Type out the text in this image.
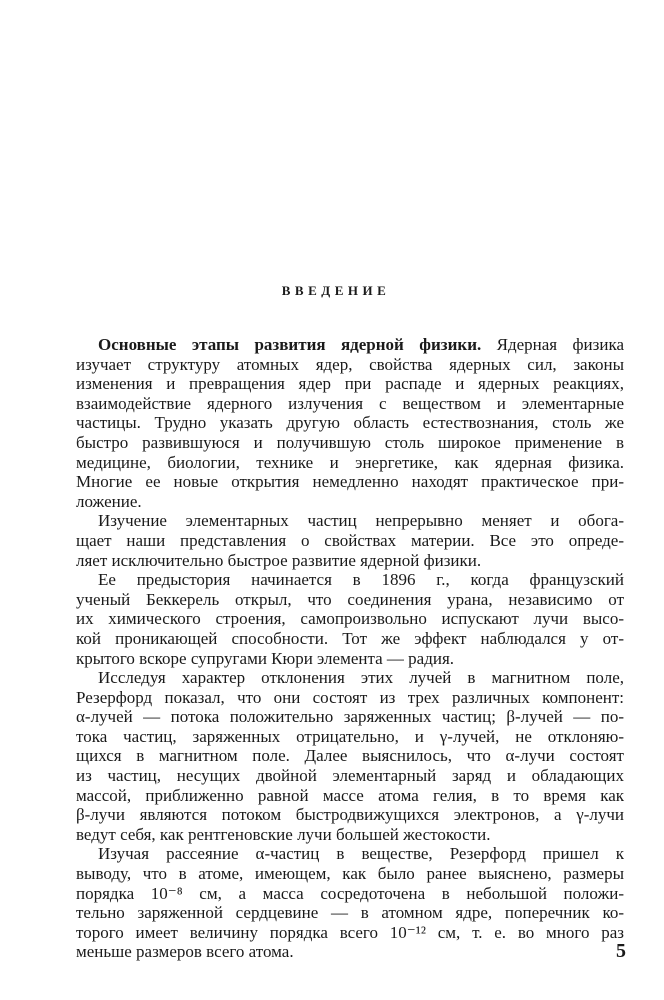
ВВЕДЕНИЕ
Основные этапы развития ядерной физики. Ядерная физика
изучает структуру атомных ядер, свойства ядерных сил, законы
изменения и превращения ядер при распаде и ядерных реакциях,
взаимодействие ядерного излучения с веществом и элементарные
частицы. Трудно указать другую область естествознания, столь же
быстро развившуюся и получившую столь широкое применение в
медицине, биологии, технике и энергетике, как ядерная физика.
Многие ее новые открытия немедленно находят практическое при-
ложение.
Изучение элементарных частиц непрерывно меняет и обога-
щает наши представления о свойствах материи. Все это опреде-
ляет исключительно быстрое развитие ядерной физики.
Ее предыстория начинается в 1896 г., когда французский
ученый Беккерель открыл, что соединения урана, независимо от
их химического строения, самопроизвольно испускают лучи высо-
кой проникающей способности. Тот же эффект наблюдался у от-
крытого вскоре супругами Кюри элемента — радия.
Исследуя характер отклонения этих лучей в магнитном поле,
Резерфорд показал, что они состоят из трех различных компонент:
α-лучей — потока положительно заряженных частиц; β-лучей — по-
тока частиц, заряженных отрицательно, и γ-лучей, не отклоняю-
щихся в магнитном поле. Далее выяснилось, что α-лучи состоят
из частиц, несущих двойной элементарный заряд и обладающих
массой, приближенно равной массе атома гелия, в то время как
β-лучи являются потоком быстродвижущихся электронов, а γ-лучи
ведут себя, как рентгеновские лучи большей жестокости.
Изучая рассеяние α-частиц в веществе, Резерфорд пришел к
выводу, что в атоме, имеющем, как было ранее выяснено, размеры
порядка 10⁻⁸ см, а масса сосредоточена в небольшой положи-
тельно заряженной сердцевине — в атомном ядре, поперечник ко-
торого имеет величину порядка всего 10⁻¹² см, т. е. во много раз
меньше размеров всего атома.	5
